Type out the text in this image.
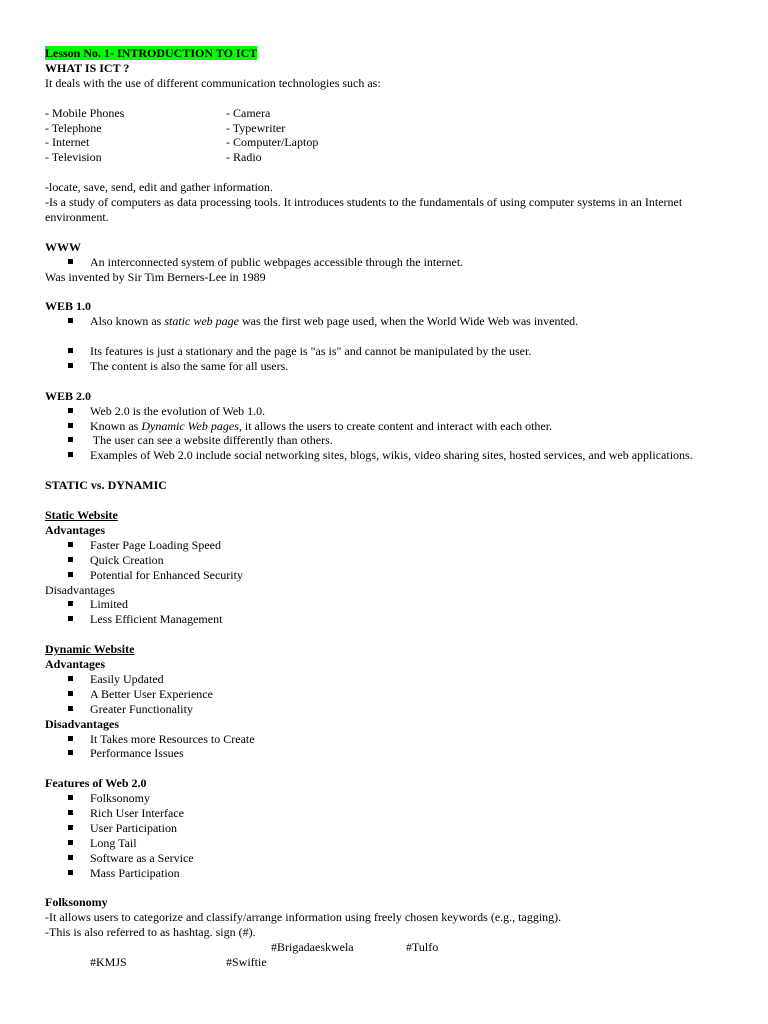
Lesson No. 1- INTRODUCTION TO ICT
WHAT IS ICT ?
It deals with the use of different communication technologies such as:
- Mobile Phones
- Telephone
- Internet
- Television
- Camera
- Typewriter
- Computer/Laptop
- Radio
-locate, save, send, edit and gather information.
-Is a study of computers as data processing tools. It introduces students to the fundamentals of using computer systems in an Internet
environment.
WWW
An interconnected system of public webpages accessible through the internet.
Was invented by Sir Tim Berners-Lee in 1989
WEB 1.0
Also known as static web page was the first web page used, when the World Wide Web was invented.
Its features is just a stationary and the page is "as is" and cannot be manipulated by the user.
The content is also the same for all users.
WEB 2.0
Web 2.0 is the evolution of Web 1.0.
Known as Dynamic Web pages, it allows the users to create content and interact with each other.
The user can see a website differently than others.
Examples of Web 2.0 include social networking sites, blogs, wikis, video sharing sites, hosted services, and web applications.
STATIC vs. DYNAMIC
Static Website
Advantages
Faster Page Loading Speed
Quick Creation
Potential for Enhanced Security
Disadvantages
Limited
Less Efficient Management
Dynamic Website
Advantages
Easily Updated
A Better User Experience
Greater Functionality
Disadvantages
It Takes more Resources to Create
Performance Issues
Features of Web 2.0
Folksonomy
Rich User Interface
User Participation
Long Tail
Software as a Service
Mass Participation
Folksonomy
-It allows users to categorize and classify/arrange information using freely chosen keywords (e.g., tagging).
-This is also referred to as hashtag. sign (#).
#Brigadaeskwela	#Tulfo
#KMJS	#Swiftie
